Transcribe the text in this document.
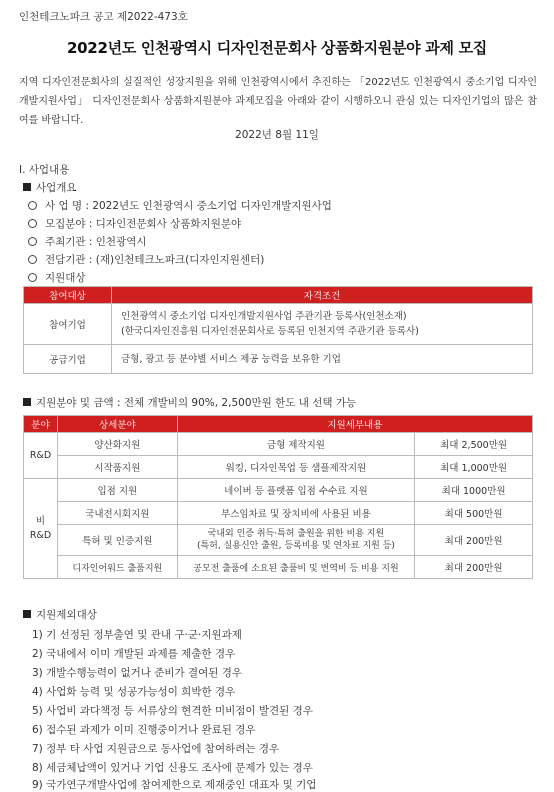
인천테크노파크 공고 제2022-473호
2022년도 인천광역시 디자인전문회사 상품화지원분야 과제 모집
지역 디자인전문회사의 실질적인 성장지원을 위해 인천광역시에서 추진하는 「2022년도 인천광역시 중소기업 디자인개발지원사업」 디자인전문회사 상품화지원분야 과제모집을 아래와 같이 시행하오니 관심 있는 디자인기업의 많은 참여를 바랍니다.
2022년 8월 11일
Ⅰ. 사업내용
사업개요
사 업 명 : 2022년도 인천광역시 중소기업 디자인개발지원사업
모집분야 : 디자인전문회사 상품화지원분야
주최기관 : 인천광역시
전담기관 : (재)인천테크노파크(디자인지원센터)
지원대상
참여대상	자격조건
참여기업	인천광역시 중소기업 디자인개발지원사업 주관기관 등록사(인천소재)
(한국디자인진흥원 디자인전문회사로 등록된 인천지역 주관기관 등록사)

공급기업	금형, 광고 등 분야별 서비스 제공 능력을 보유한 기업
지원분야 및 금액 : 전체 개발비의 90%, 2,500만원 한도 내 선택 가능
분야	상세분야	지원세부내용	
R&D	양산화지원	금형 제작지원	최대 2,500만원
	시작품지원	워킹, 디자인목업 등 샘플제작지원	최대 1,000만원
비
R&D	입점 지원	네이버 등 플랫폼 입점 수수료 지원	최대 1000만원
	국내전시회지원	부스임차료 및 장치비에 사용된 비용	최대 500만원
	특허 및 인증지원	국내외 인증 취득·특허 출원을 위한 비용 지원
(특허, 실용신안 출원, 등록비용 및 연차료 지원 등)	최대 200만원
	디자인어워드 출품지원	공모전 출품에 소요된 출품비 및 번역비 등 비용 지원	최대 200만원
지원제외대상
1) 기 선정된 정부출연 및 관내 구·군·지원과제
2) 국내에서 이미 개발된 과제를 제출한 경우
3) 개발수행능력이 없거나 준비가 결여된 경우
4) 사업화 능력 및 성공가능성이 희박한 경우
5) 사업비 과다책정 등 서류상의 현격한 미비점이 발견된 경우
6) 접수된 과제가 이미 진행중이거나 완료된 경우
7) 정부 타 사업 지원금으로 동사업에 참여하려는 경우
8) 세금체납액이 있거나 기업 신용도 조사에 문제가 있는 경우
9) 국가연구개발사업에 참여제한으로 제재중인 대표자 및 기업
